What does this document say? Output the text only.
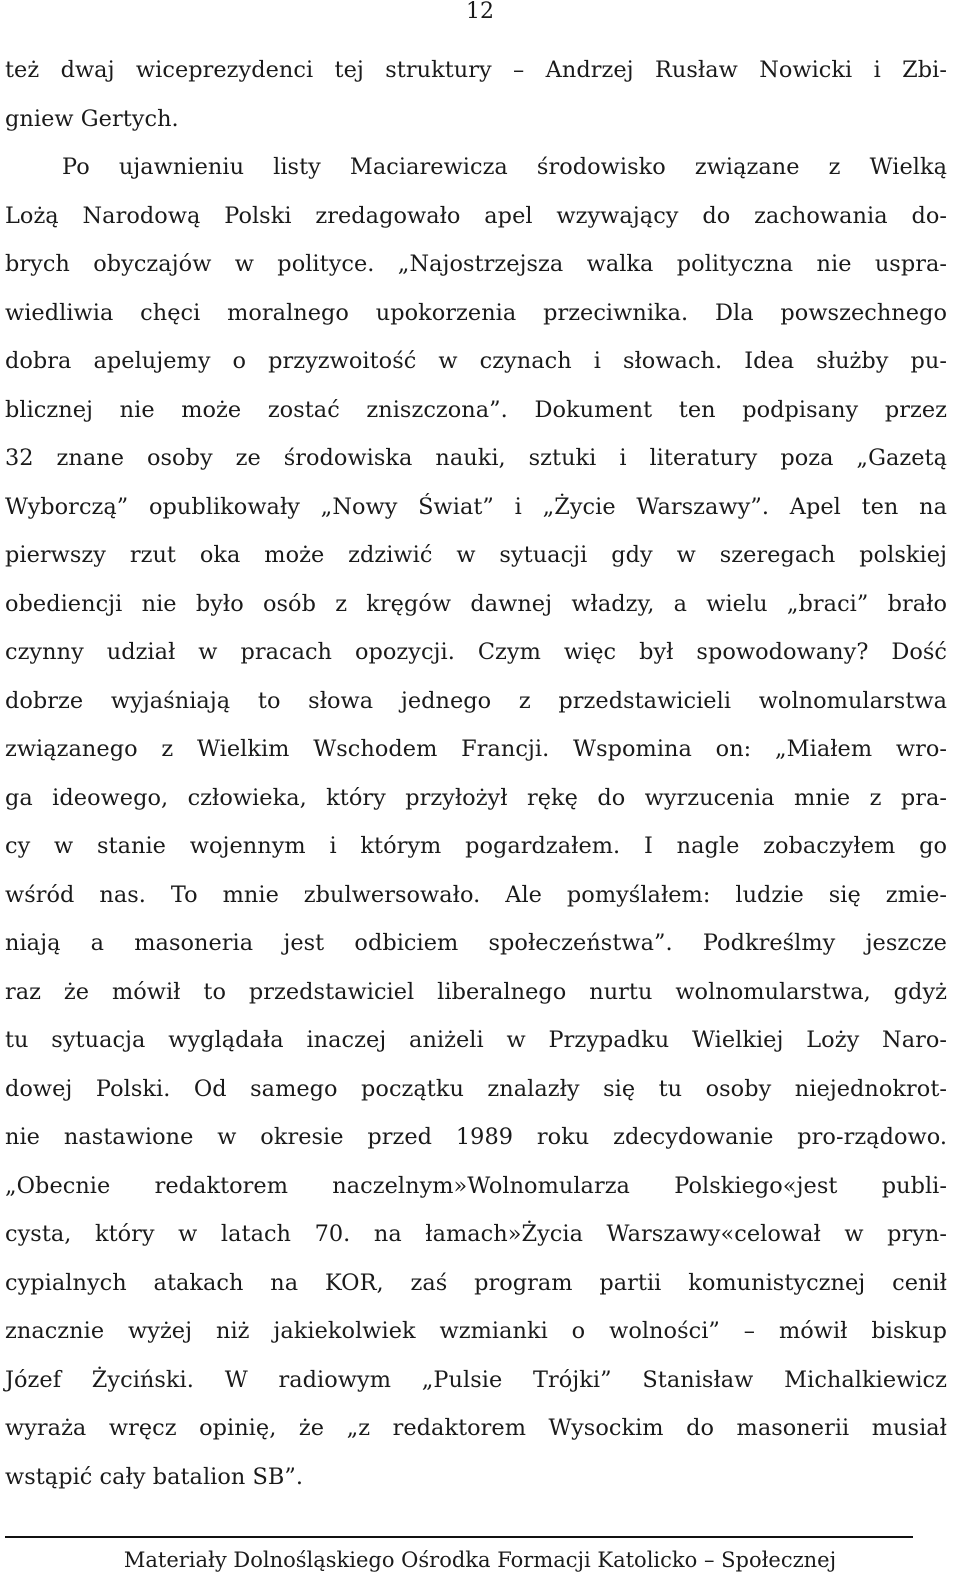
12
też dwaj wiceprezydenci tej struktury – Andrzej Rusław Nowicki i Zbi-
gniew Gertych.
Po ujawnieniu listy Maciarewicza środowisko związane z Wielką
Lożą Narodową Polski zredagowało apel wzywający do zachowania do-
brych obyczajów w polityce. „Najostrzejsza walka polityczna nie uspra-
wiedliwia chęci moralnego upokorzenia przeciwnika. Dla powszechnego
dobra apelujemy o przyzwoitość w czynach i słowach. Idea służby pu-
blicznej nie może zostać zniszczona”. Dokument ten podpisany przez
32 znane osoby ze środowiska nauki, sztuki i literatury poza „Gazetą
Wyborczą” opublikowały „Nowy Świat” i „Życie Warszawy”. Apel ten na
pierwszy rzut oka może zdziwić w sytuacji gdy w szeregach polskiej
obediencji nie było osób z kręgów dawnej władzy, a wielu „braci” brało
czynny udział w pracach opozycji. Czym więc był spowodowany? Dość
dobrze wyjaśniają to słowa jednego z przedstawicieli wolnomularstwa
związanego z Wielkim Wschodem Francji. Wspomina on: „Miałem wro-
ga ideowego, człowieka, który przyłożył rękę do wyrzucenia mnie z pra-
cy w stanie wojennym i którym pogardzałem. I nagle zobaczyłem go
wśród nas. To mnie zbulwersowało. Ale pomyślałem: ludzie się zmie-
niają a masoneria jest odbiciem społeczeństwa”. Podkreślmy jeszcze
raz że mówił to przedstawiciel liberalnego nurtu wolnomularstwa, gdyż
tu sytuacja wyglądała inaczej aniżeli w Przypadku Wielkiej Loży Naro-
dowej Polski. Od samego początku znalazły się tu osoby niejednokrot-
nie nastawione w okresie przed 1989 roku zdecydowanie pro-rządowo.
„Obecnie redaktorem naczelnym»Wolnomularza Polskiego«jest publi-
cysta, który w latach 70. na łamach»Życia Warszawy«celował w pryn-
cypialnych atakach na KOR, zaś program partii komunistycznej cenił
znacznie wyżej niż jakiekolwiek wzmianki o wolności” – mówił biskup
Józef Życiński. W radiowym „Pulsie Trójki” Stanisław Michalkiewicz
wyraża wręcz opinię, że „z redaktorem Wysockim do masonerii musiał
wstąpić cały batalion SB”.
Materiały Dolnośląskiego Ośrodka Formacji Katolicko – Społecznej
